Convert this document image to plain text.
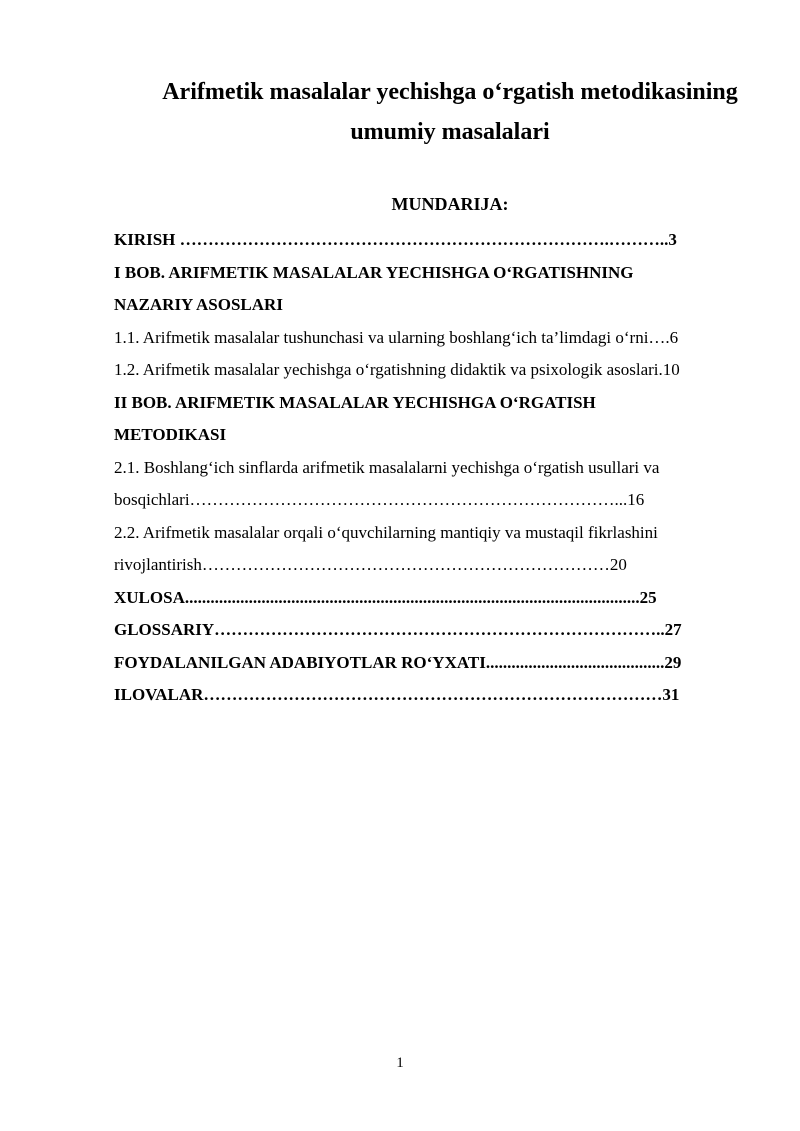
Arifmetik masalalar yechishga o‘rgatish metodikasining
umumiy masalalari
MUNDARIJA:
KIRISH ………………………………………………………………….………..3
I BOB. ARIFMETIK MASALALAR YECHISHGA O‘RGATISHNING
NAZARIY ASOSLARI
1.1. Arifmetik masalalar tushunchasi va ularning boshlang‘ich ta’limdagi o‘rni….6
1.2. Arifmetik masalalar yechishga o‘rgatishning didaktik va psixologik asoslari.10
II BOB. ARIFMETIK MASALALAR YECHISHGA O‘RGATISH
METODIKASI
2.1. Boshlang‘ich sinflarda arifmetik masalalarni yechishga o‘rgatish usullari va
bosqichlari…………………………………………………………………...16
2.2. Arifmetik masalalar orqali o‘quvchilarning mantiqiy va mustaqil fikrlashini
rivojlantirish………………………………………………………………20
XULOSA...........................................................................................................25
GLOSSARIY……………………………………………………………………..27
FOYDALANILGAN ADABIYOTLAR RO‘YXATI..........................................29
ILOVALAR………………………………………………………………………31
1
